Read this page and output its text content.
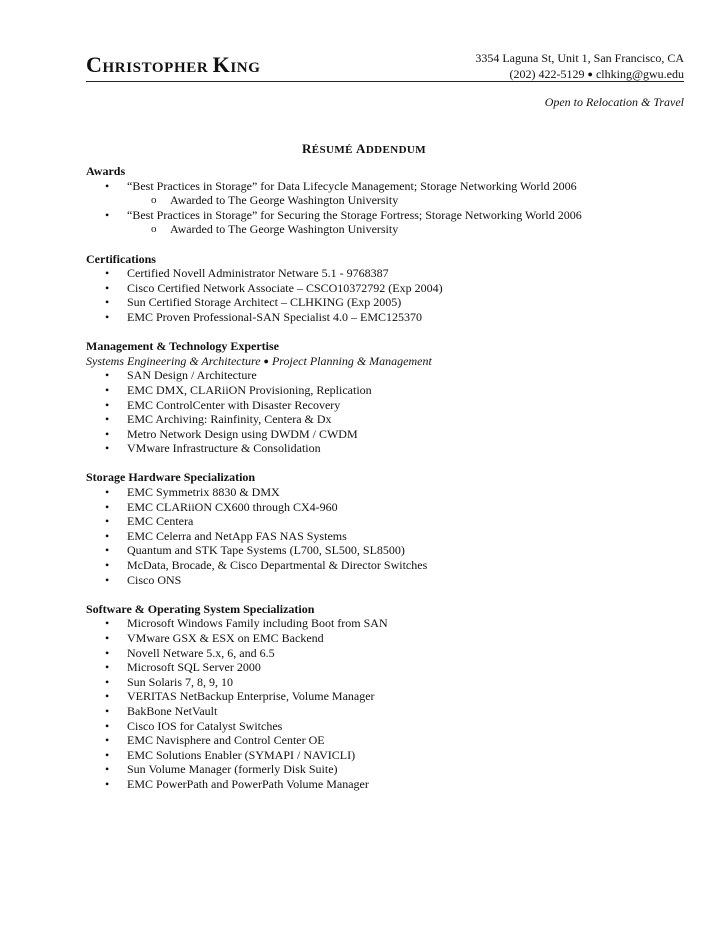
CHRISTOPHER KING
3354 Laguna St, Unit 1, San Francisco, CA
(202) 422-5129 ● clhking@gwu.edu
Open to Relocation & Travel
RÉSUMÉ ADDENDUM
Awards
• “Best Practices in Storage” for Data Lifecycle Management; Storage Networking World 2006
o Awarded to The George Washington University
• “Best Practices in Storage” for Securing the Storage Fortress; Storage Networking World 2006
o Awarded to The George Washington University
Certifications
• Certified Novell Administrator Netware 5.1 - 9768387
• Cisco Certified Network Associate – CSCO10372792 (Exp 2004)
• Sun Certified Storage Architect – CLHKING (Exp 2005)
• EMC Proven Professional-SAN Specialist 4.0 – EMC125370
Management & Technology Expertise
Systems Engineering & Architecture ● Project Planning & Management
• SAN Design / Architecture
• EMC DMX, CLARiiON Provisioning, Replication
• EMC ControlCenter with Disaster Recovery
• EMC Archiving: Rainfinity, Centera & Dx
• Metro Network Design using DWDM / CWDM
• VMware Infrastructure & Consolidation
Storage Hardware Specialization
• EMC Symmetrix 8830 & DMX
• EMC CLARiiON CX600 through CX4-960
• EMC Centera
• EMC Celerra and NetApp FAS NAS Systems
• Quantum and STK Tape Systems (L700, SL500, SL8500)
• McData, Brocade, & Cisco Departmental & Director Switches
• Cisco ONS
Software & Operating System Specialization
• Microsoft Windows Family including Boot from SAN
• VMware GSX & ESX on EMC Backend
• Novell Netware 5.x, 6, and 6.5
• Microsoft SQL Server 2000
• Sun Solaris 7, 8, 9, 10
• VERITAS NetBackup Enterprise, Volume Manager
• BakBone NetVault
• Cisco IOS for Catalyst Switches
• EMC Navisphere and Control Center OE
• EMC Solutions Enabler (SYMAPI / NAVICLI)
• Sun Volume Manager (formerly Disk Suite)
• EMC PowerPath and PowerPath Volume Manager
